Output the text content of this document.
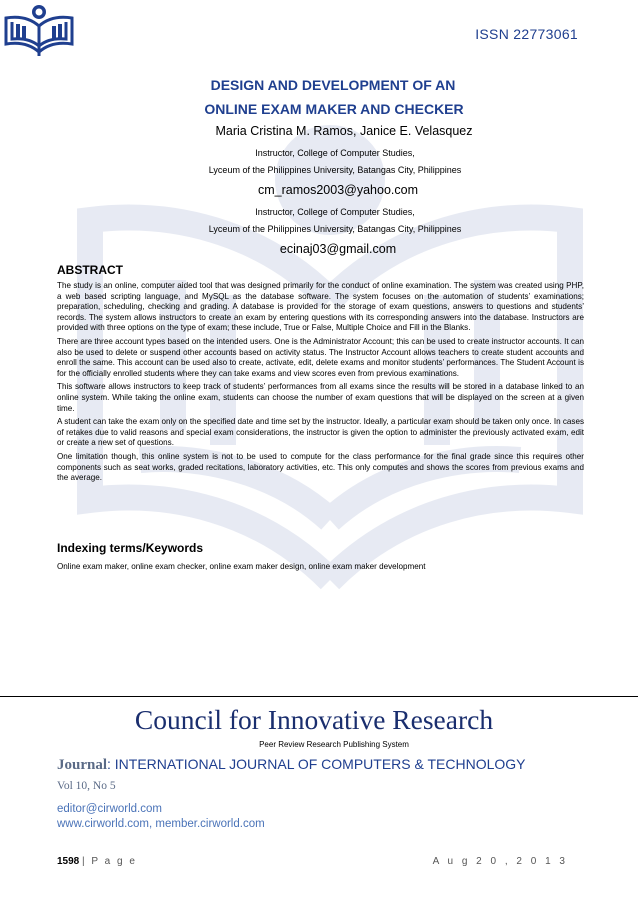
ISSN 22773061
DESIGN AND DEVELOPMENT OF AN
ONLINE EXAM MAKER AND CHECKER
Maria Cristina M. Ramos, Janice E. Velasquez
Instructor, College of Computer Studies,
Lyceum of the Philippines University, Batangas City, Philippines
cm_ramos2003@yahoo.com
Instructor, College of Computer Studies,
Lyceum of the Philippines University, Batangas City, Philippines
ecinaj03@gmail.com
ABSTRACT

The study is an online, computer aided tool that was designed primarily for the conduct of online examination. The system was created using PHP, a web based scripting language, and MySQL as the database software. The system focuses on the automation of students’ examinations; preparation, scheduling, checking and grading. A database is provided for the storage of exam questions, answers to questions and students’ records. The system allows instructors to create an exam by entering questions with its corresponding answers into the database. Instructors are provided with three options on the type of exam; these include, True or False, Multiple Choice and Fill in the Blanks.

There are three account types based on the intended users. One is the Administrator Account; this can be used to create instructor accounts. It can also be used to delete or suspend other accounts based on activity status. The Instructor Account allows teachers to create student accounts and enroll the same. This account can be used also to create, activate, edit, delete exams and monitor students’ performances. The Student Account is for the officially enrolled students where they can take exams and view scores even from previous examinations.

This software allows instructors to keep track of students’ performances from all exams since the results will be stored in a database linked to an online system. While taking the online exam, students can choose the number of exam questions that will be displayed on the screen at a given time.

A student can take the exam only on the specified date and time set by the instructor. Ideally, a particular exam should be taken only once. In cases of retakes due to valid reasons and special exam considerations, the instructor is given the option to administer the previously activated exam, edit or create a new set of questions.

One limitation though, this online system is not to be used to compute for the class performance for the final grade since this requires other components such as seat works, graded recitations, laboratory activities, etc. This only computes and shows the scores from previous exams and the average.

Indexing terms/Keywords
Online exam maker, online exam checker, online exam maker design, online exam maker development
Council for Innovative Research
Peer Review Research Publishing System
Journal: INTERNATIONAL JOURNAL OF COMPUTERS & TECHNOLOGY
Vol 10, No 5
editor@cirworld.com
www.cirworld.com, member.cirworld.com
1598 | P a g e	A u g 2 0 , 2 0 1 3
